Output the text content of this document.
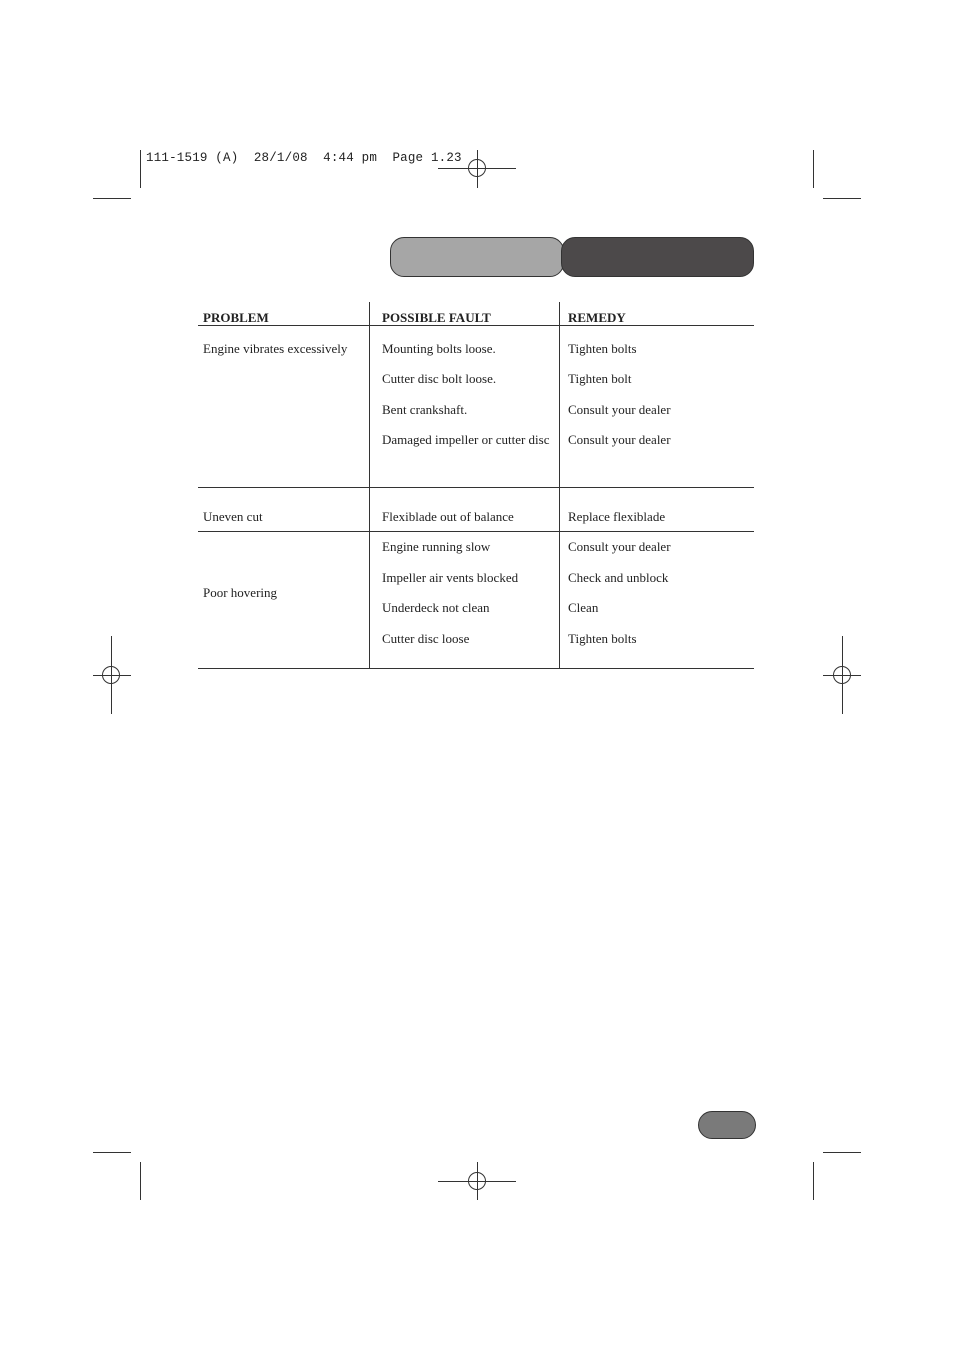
111-1519 (A)  28/1/08  4:44 pm  Page 1.23
PROBLEM	POSSIBLE FAULT	REMEDY
Engine vibrates excessively	Mounting bolts loose.	Tighten bolts
Cutter disc bolt loose.	Tighten bolt
Bent crankshaft.	Consult your dealer
Damaged impeller or cutter disc	Consult your dealer
Uneven cut	Flexiblade out of balance	Replace flexiblade
Poor hovering
Engine running slow	Consult your dealer
Impeller air vents blocked	Check and unblock
Underdeck not clean	Clean
Cutter disc loose	Tighten bolts
